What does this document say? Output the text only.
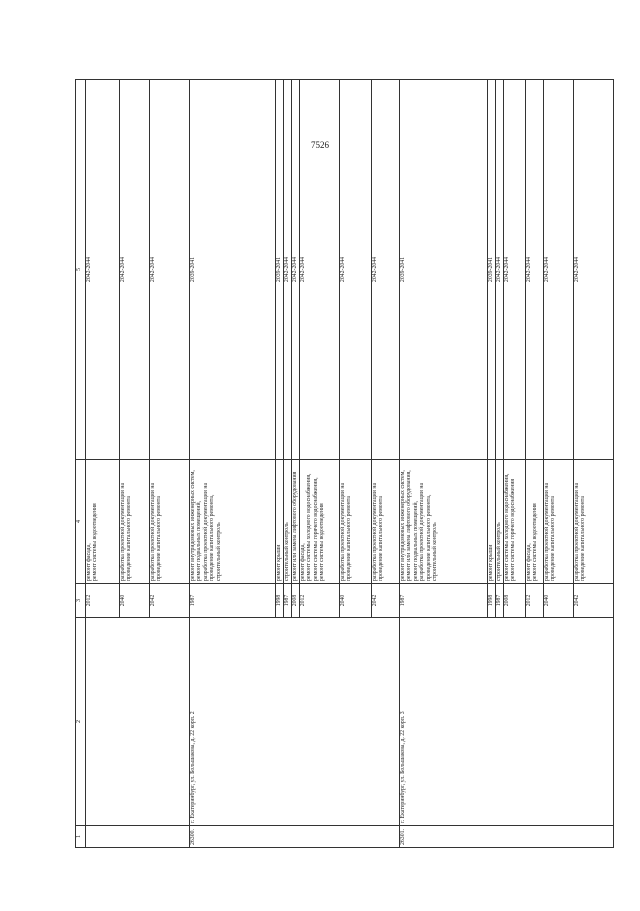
7526
1	2	3	4	5
		2012	ремонт фасада,
ремонт системы водоотведения	2042-2044
		2040	разработка проектной документации на проведение капитального ремонта	2042-2044
		2042	разработка проектной документации на проведение капитального ремонта	2042-2044
26300.	г. Екатеринбург, ул. Большакова, д. 22 корп. 2	1987	ремонт внутридомовых инженерных систем,
ремонт подвальных помещений,
разработка проектной документации на проведение капитального ремонта,
строительный контроль	2039-2041
		1998	ремонт крыши	2039-2041
		1987	строительный контроль	2042-2044
		2008	ремонт или замена лифтового оборудования	2042-2044
		2012	ремонт фасада,
ремонт системы холодного водоснабжения,
ремонт системы горячего водоснабжения,
ремонт системы водоотведения	2042-2044
		2040	разработка проектной документации на проведение капитального ремонта	2042-2044
		2042	разработка проектной документации на проведение капитального ремонта	2042-2044
26301.	г. Екатеринбург, ул. Большакова, д. 22 корп. 3	1987	ремонт внутридомовых инженерных систем,
ремонт или замена лифтового оборудования,
ремонт подвальных помещений,
разработка проектной документации на проведение капитального ремонта,
строительный контроль	2039-2041
		1998	ремонт крыши	2039-2041
		1987	строительный контроль	2042-2044
		2008	ремонт системы холодного водоснабжения,
ремонт системы горячего водоснабжения	2042-2044
		2012	ремонт фасада,
ремонт системы водоотведения	2042-2044
		2040	разработка проектной документации на проведение капитального ремонта	2042-2044
		2042	разработка проектной документации на проведение капитального ремонта	2042-2044
